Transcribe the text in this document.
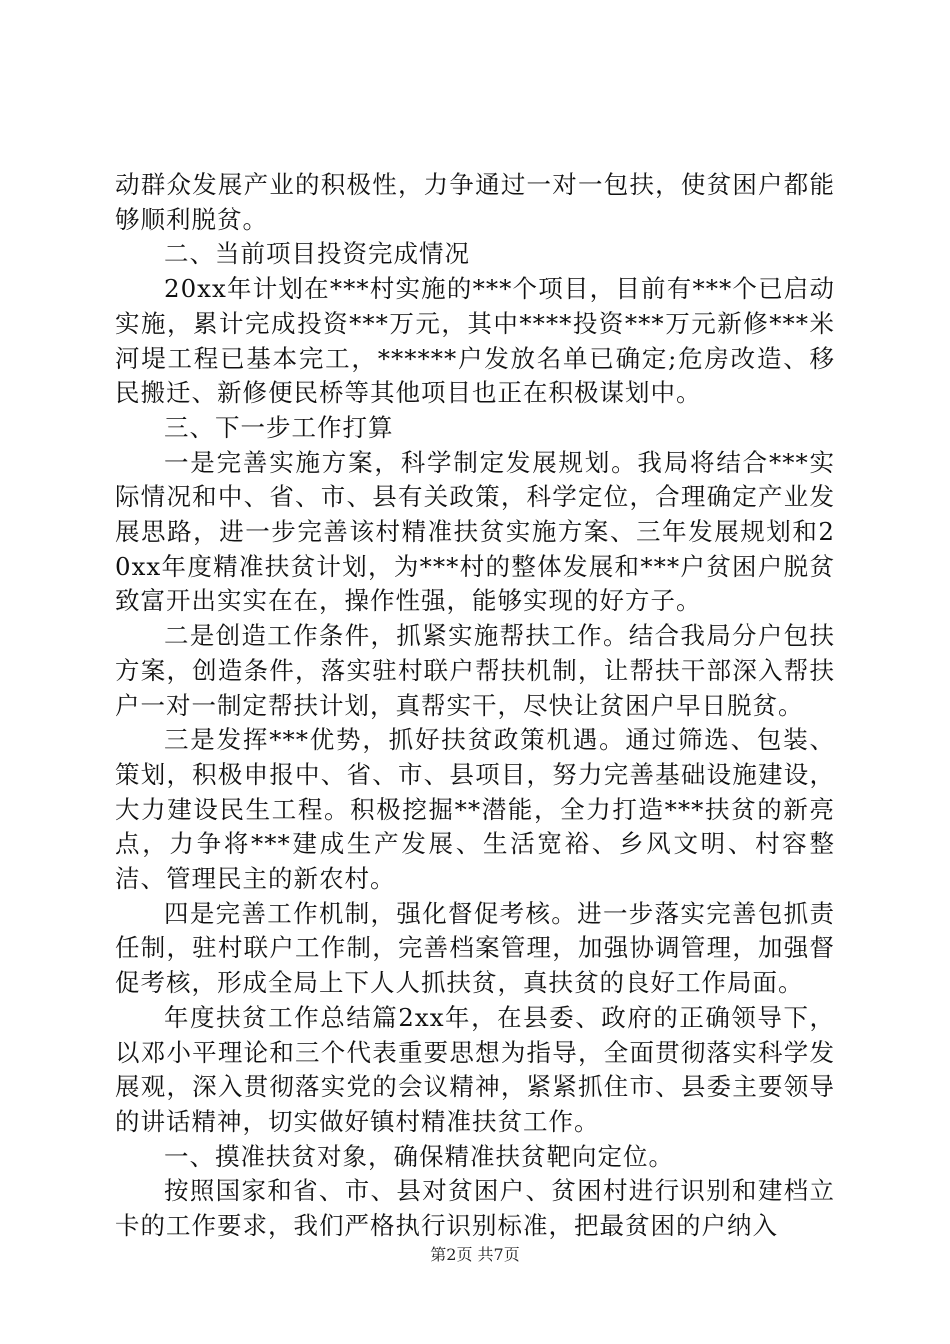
动群众发展产业的积极性，力争通过一对一包扶，使贫困户都能够顺利脱贫。

二、当前项目投资完成情况

20xx年计划在***村实施的***个项目，目前有***个已启动实施，累计完成投资***万元，其中****投资***万元新修***米河堤工程已基本完工，******户发放名单已确定;危房改造、移民搬迁、新修便民桥等其他项目也正在积极谋划中。

三、下一步工作打算

一是完善实施方案，科学制定发展规划。我局将结合***实际情况和中、省、市、县有关政策，科学定位，合理确定产业发展思路，进一步完善该村精准扶贫实施方案、三年发展规划和20xx年度精准扶贫计划，为***村的整体发展和***户贫困户脱贫致富开出实实在在，操作性强，能够实现的好方子。

二是创造工作条件，抓紧实施帮扶工作。结合我局分户包扶方案，创造条件，落实驻村联户帮扶机制，让帮扶干部深入帮扶户一对一制定帮扶计划，真帮实干，尽快让贫困户早日脱贫。

三是发挥***优势，抓好扶贫政策机遇。通过筛选、包装、策划，积极申报中、省、市、县项目，努力完善基础设施建设，大力建设民生工程。积极挖掘**潜能，全力打造***扶贫的新亮点，力争将***建成生产发展、生活宽裕、乡风文明、村容整洁、管理民主的新农村。

四是完善工作机制，强化督促考核。进一步落实完善包抓责任制，驻村联户工作制，完善档案管理，加强协调管理，加强督促考核，形成全局上下人人抓扶贫，真扶贫的良好工作局面。

年度扶贫工作总结篇2xx年，在县委、政府的正确领导下，以邓小平理论和三个代表重要思想为指导，全面贯彻落实科学发展观，深入贯彻落实党的会议精神，紧紧抓住市、县委主要领导的讲话精神，切实做好镇村精准扶贫工作。

一、摸准扶贫对象，确保精准扶贫靶向定位。

按照国家和省、市、县对贫困户、贫困村进行识别和建档立卡的工作要求，我们严格执行识别标准，把最贫困的户纳入

第2页 共7页
